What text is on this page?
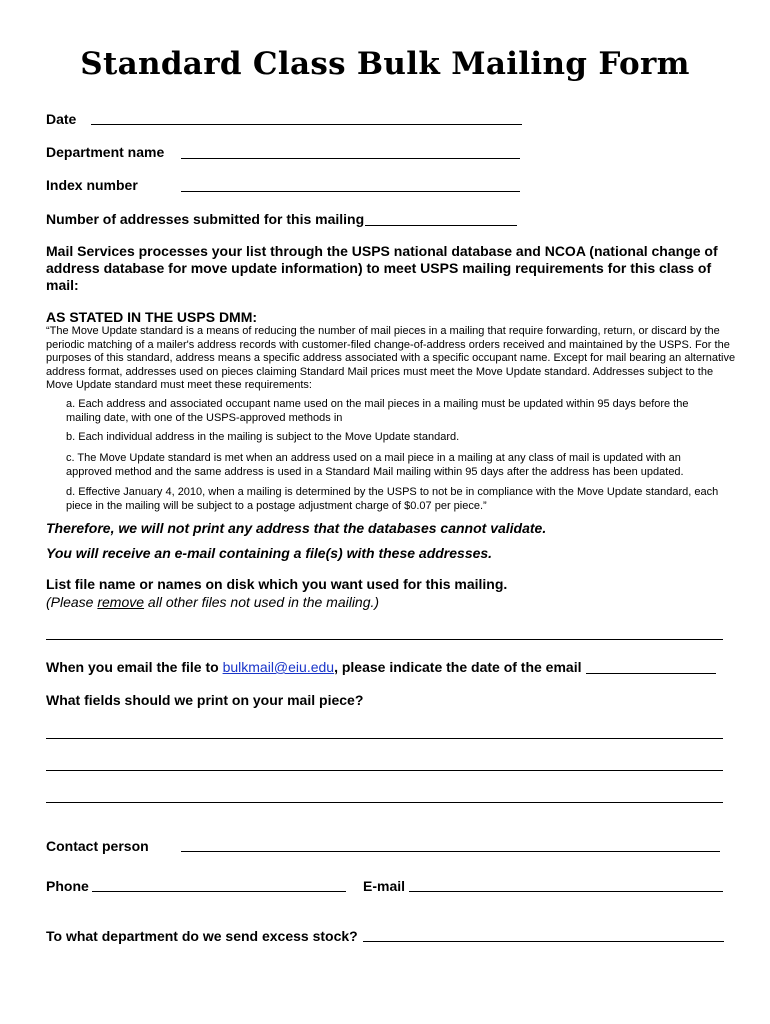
Standard Class Bulk Mailing Form
Date
Department name
Index number
Number of addresses submitted for this mailing
Mail Services processes your list through the USPS national database and NCOA (national change of address database for move update information) to meet USPS mailing requirements for this class of mail:
AS STATED IN THE USPS DMM:
“The Move Update standard is a means of reducing the number of mail pieces in a mailing that require forwarding, return, or discard by the periodic matching of a mailer's address records with customer-filed change-of-address orders received and maintained by the USPS. For the purposes of this standard, address means a specific address associated with a specific occupant name. Except for mail bearing an alternative address format, addresses used on pieces claiming Standard Mail prices must meet the Move Update standard. Addresses subject to the Move Update standard must meet these requirements:
a. Each address and associated occupant name used on the mail pieces in a mailing must be updated within 95 days before the mailing date, with one of the USPS-approved methods in
b. Each individual address in the mailing is subject to the Move Update standard.
c. The Move Update standard is met when an address used on a mail piece in a mailing at any class of mail is updated with an approved method and the same address is used in a Standard Mail mailing within 95 days after the address has been updated.
d. Effective January 4, 2010, when a mailing is determined by the USPS to not be in compliance with the Move Update standard, each piece in the mailing will be subject to a postage adjustment charge of $0.07 per piece.”
Therefore, we will not print any address that the databases cannot validate.
You will receive an e-mail containing a file(s) with these addresses.
List file name or names on disk which you want used for this mailing.
(Please remove all other files not used in the mailing.)
When you email the file to bulkmail@eiu.edu, please indicate the date of the email
What fields should we print on your mail piece?
Contact person
Phone	E-mail
To what department do we send excess stock?
